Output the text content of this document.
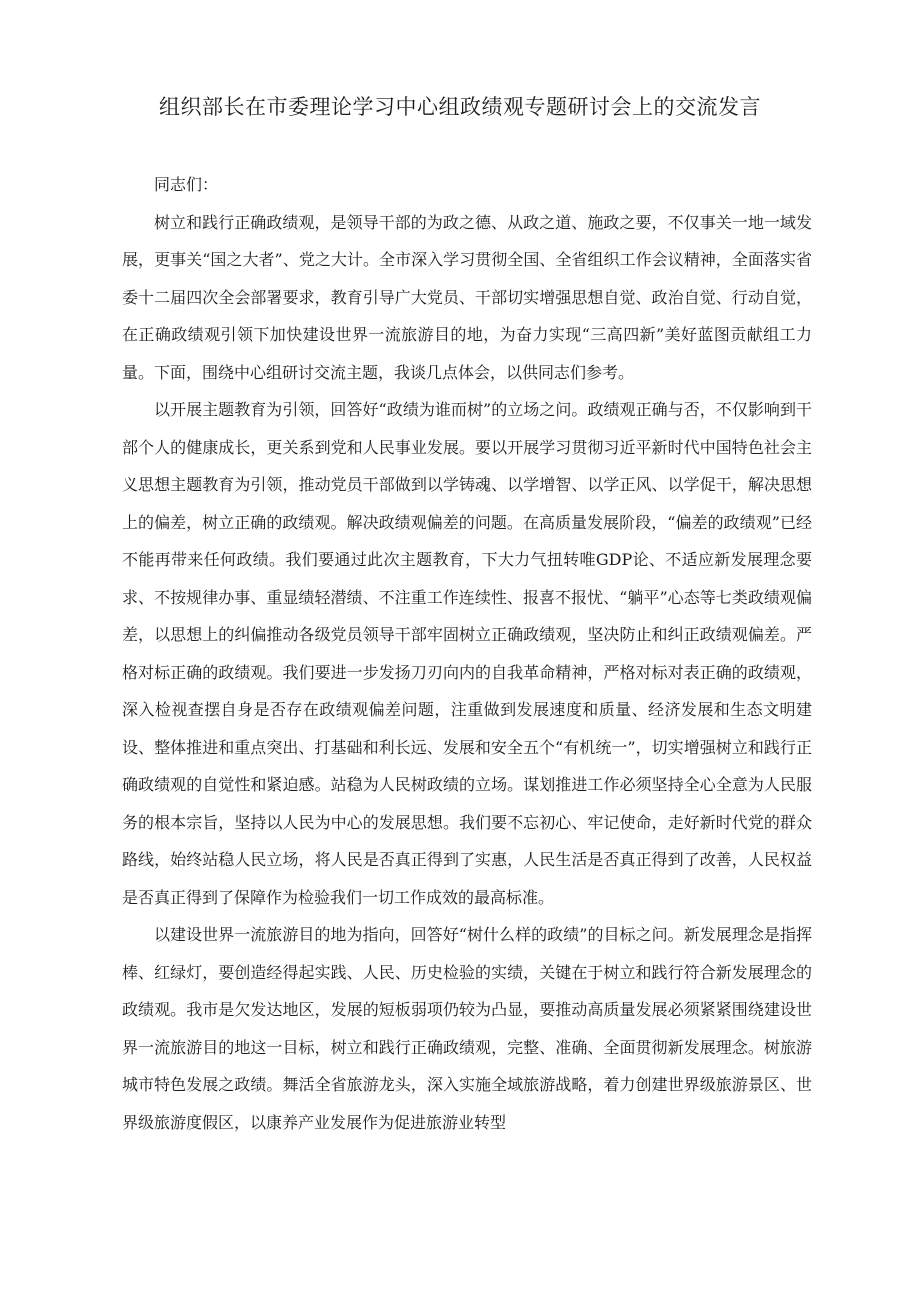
组织部长在市委理论学习中心组政绩观专题研讨会上的交流发言

同志们：

树立和践行正确政绩观，是领导干部的为政之德、从政之道、施政之要，不仅事关一地一域发展，更事关“国之大者”、党之大计。全市深入学习贯彻全国、全省组织工作会议精神，全面落实省委十二届四次全会部署要求，教育引导广大党员、干部切实增强思想自觉、政治自觉、行动自觉，在正确政绩观引领下加快建设世界一流旅游目的地，为奋力实现“三高四新”美好蓝图贡献组工力量。下面，围绕中心组研讨交流主题，我谈几点体会，以供同志们参考。

以开展主题教育为引领，回答好“政绩为谁而树”的立场之问。政绩观正确与否，不仅影响到干部个人的健康成长，更关系到党和人民事业发展。要以开展学习贯彻习近平新时代中国特色社会主义思想主题教育为引领，推动党员干部做到以学铸魂、以学增智、以学正风、以学促干，解决思想上的偏差，树立正确的政绩观。解决政绩观偏差的问题。在高质量发展阶段，“偏差的政绩观”已经不能再带来任何政绩。我们要通过此次主题教育，下大力气扭转唯GDP论、不适应新发展理念要求、不按规律办事、重显绩轻潜绩、不注重工作连续性、报喜不报忧、“躺平”心态等七类政绩观偏差，以思想上的纠偏推动各级党员领导干部牢固树立正确政绩观，坚决防止和纠正政绩观偏差。严格对标正确的政绩观。我们要进一步发扬刀刃向内的自我革命精神，严格对标对表正确的政绩观，深入检视查摆自身是否存在政绩观偏差问题，注重做到发展速度和质量、经济发展和生态文明建设、整体推进和重点突出、打基础和利长远、发展和安全五个“有机统一”，切实增强树立和践行正确政绩观的自觉性和紧迫感。站稳为人民树政绩的立场。谋划推进工作必须坚持全心全意为人民服务的根本宗旨，坚持以人民为中心的发展思想。我们要不忘初心、牢记使命，走好新时代党的群众路线，始终站稳人民立场，将人民是否真正得到了实惠，人民生活是否真正得到了改善，人民权益是否真正得到了保障作为检验我们一切工作成效的最高标准。

以建设世界一流旅游目的地为指向，回答好“树什么样的政绩”的目标之问。新发展理念是指挥棒、红绿灯，要创造经得起实践、人民、历史检验的实绩，关键在于树立和践行符合新发展理念的政绩观。我市是欠发达地区，发展的短板弱项仍较为凸显，要推动高质量发展必须紧紧围绕建设世界一流旅游目的地这一目标，树立和践行正确政绩观，完整、准确、全面贯彻新发展理念。树旅游城市特色发展之政绩。舞活全省旅游龙头，深入实施全域旅游战略，着力创建世界级旅游景区、世界级旅游度假区，以康养产业发展作为促进旅游业转型
